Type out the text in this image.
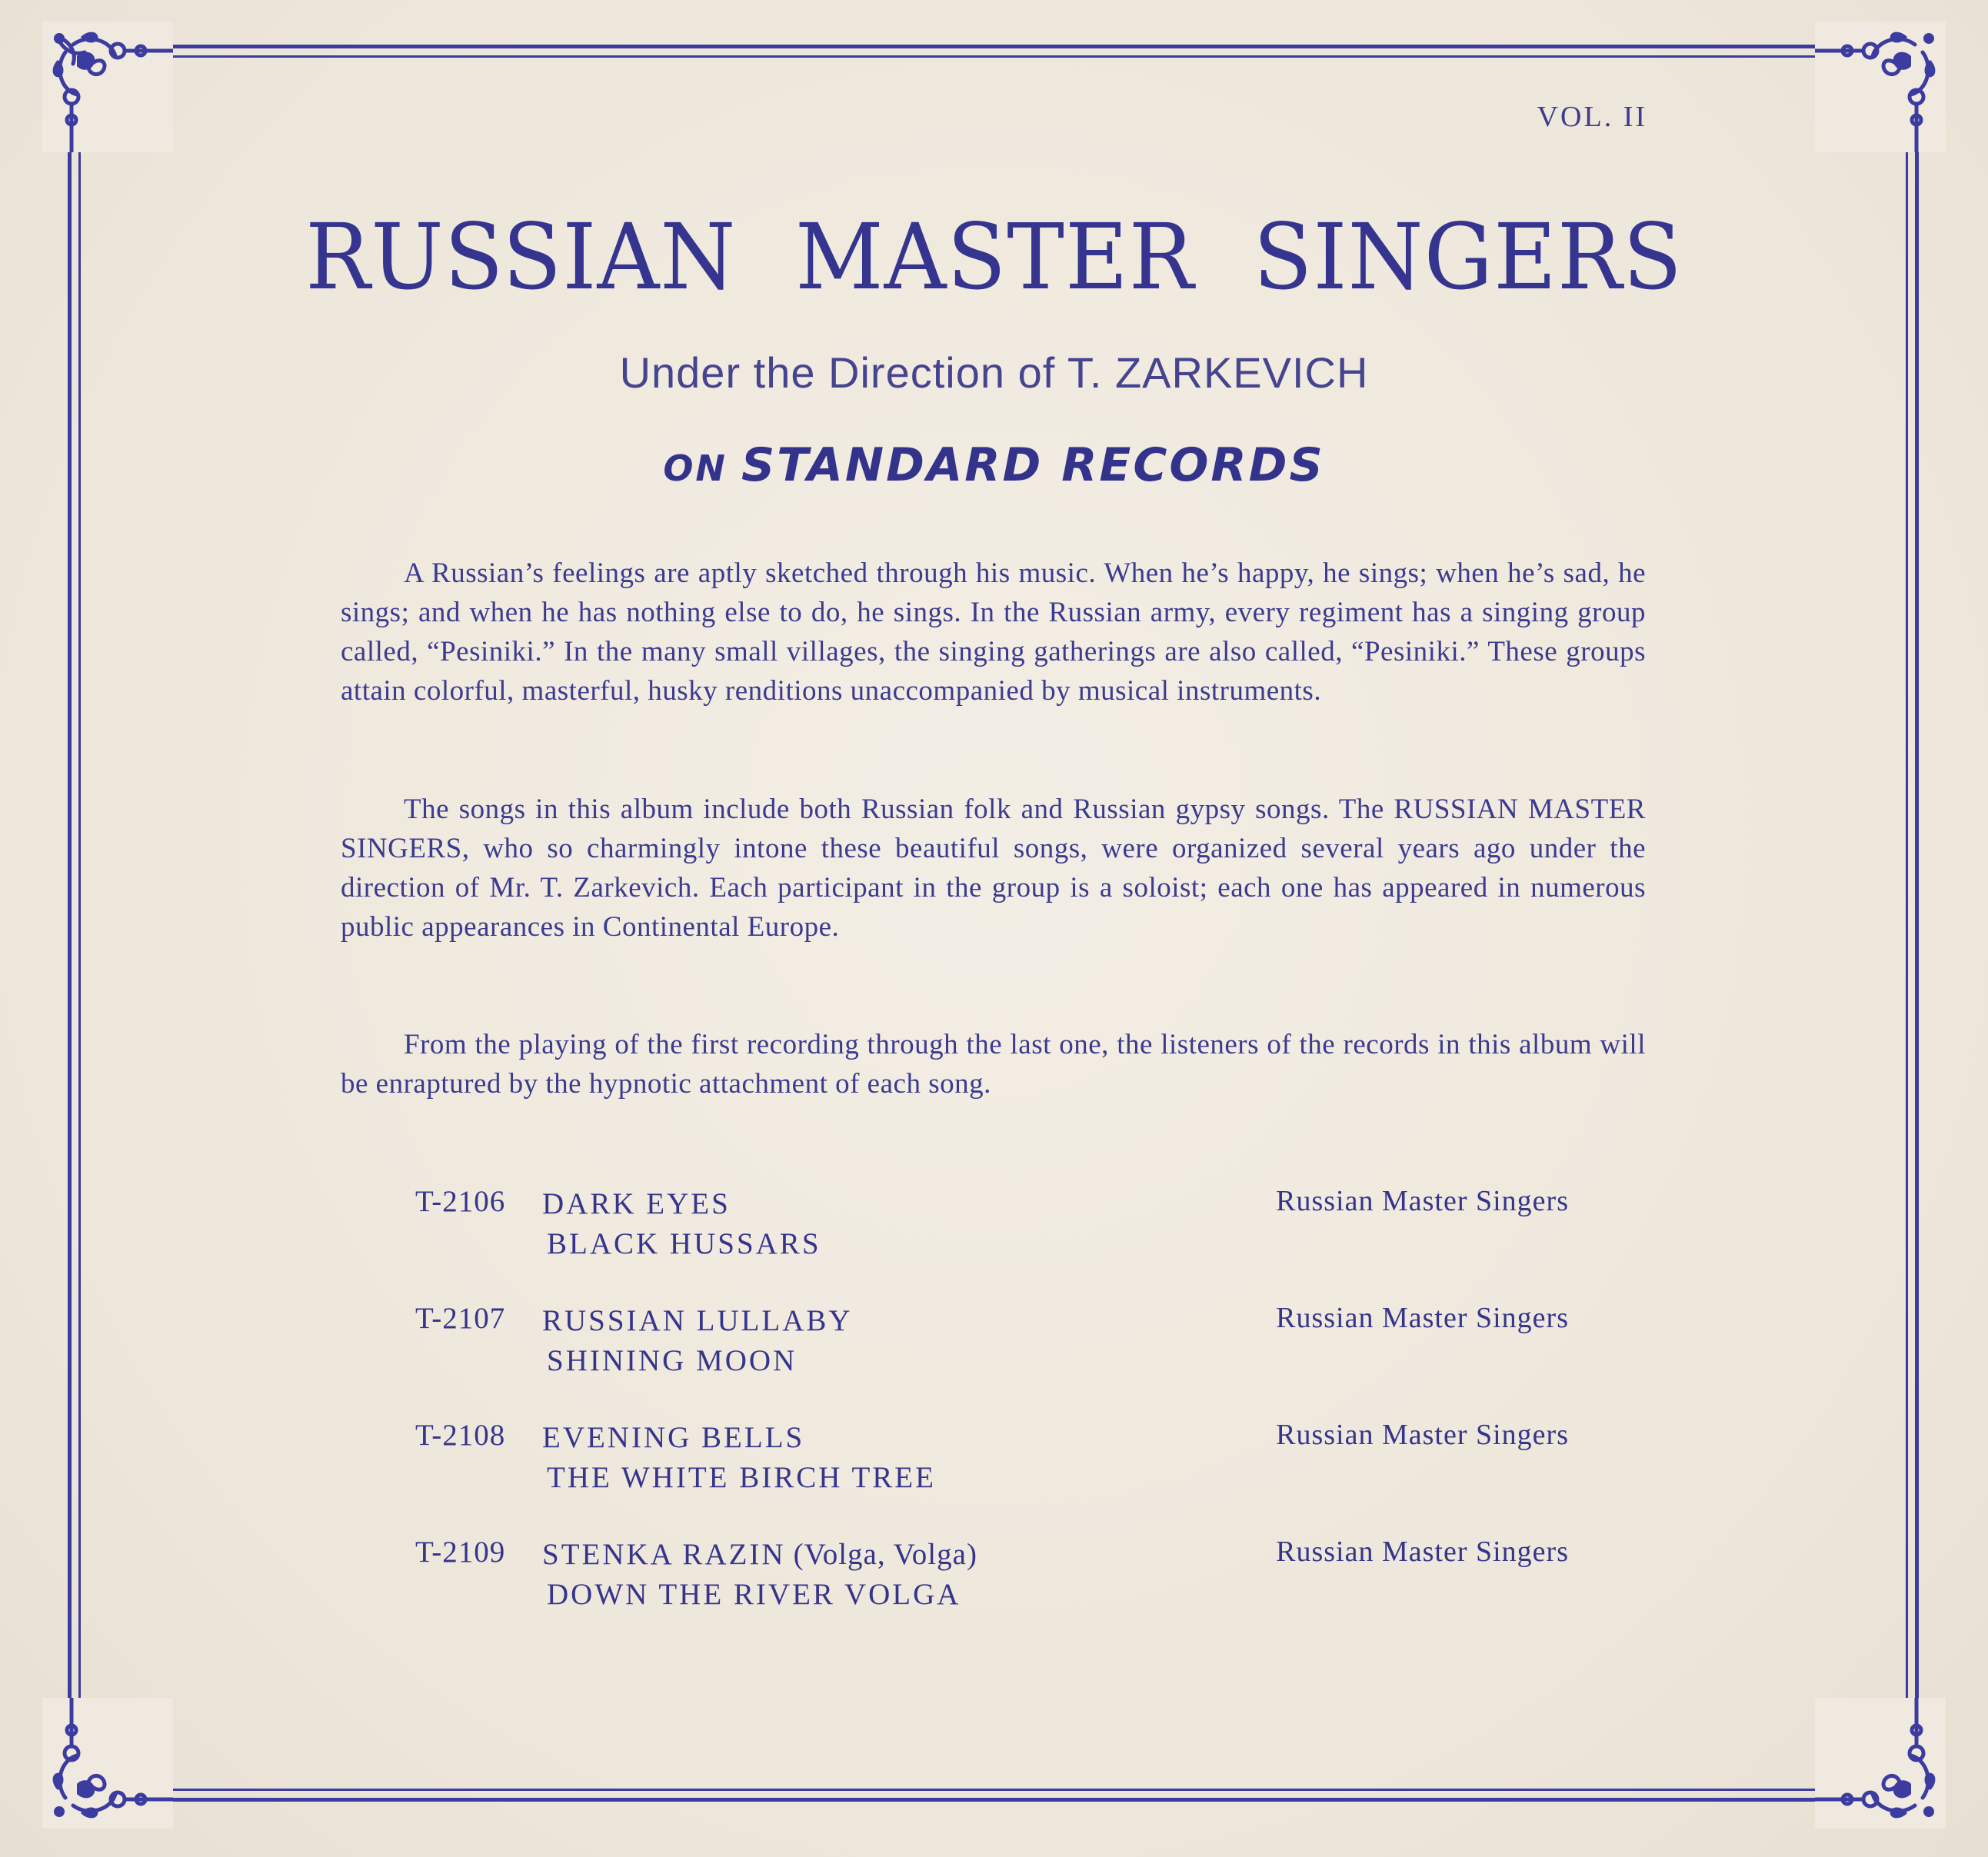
VOL. II
RUSSIAN MASTER SINGERS
Under the Direction of T. ZARKEVICH
ON STANDARD RECORDS

A Russian’s feelings are aptly sketched through his music. When he’s happy, he sings; when he’s sad, he sings; and when he has nothing else to do, he sings. In the Russian army, every regiment has a singing group called, “Pesiniki.” In the many small villages, the singing gatherings are also called, “Pesiniki.” These groups attain colorful, masterful, husky renditions unaccompanied by musical instruments.

The songs in this album include both Russian folk and Russian gypsy songs. The RUSSIAN MASTER SINGERS, who so charmingly intone these beautiful songs, were organized several years ago under the direction of Mr. T. Zarkevich. Each participant in the group is a soloist; each one has appeared in numerous public appearances in Continental Europe.

From the playing of the first recording through the last one, the listeners of the records in this album will be enraptured by the hypnotic attachment of each song.

T-2106 DARK EYES
BLACK HUSSARS
Russian Master Singers
T-2107 RUSSIAN LULLABY
SHINING MOON
Russian Master Singers
T-2108 EVENING BELLS
THE WHITE BIRCH TREE
Russian Master Singers
T-2109 STENKA RAZIN (Volga, Volga)
DOWN THE RIVER VOLGA
Russian Master Singers
